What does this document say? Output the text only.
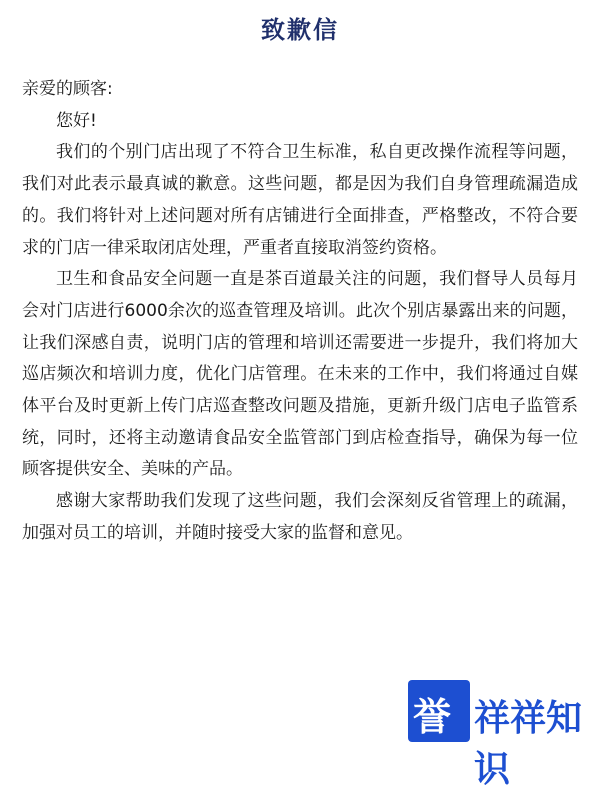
致歉信

亲爱的顾客:

您好!

我们的个别门店出现了不符合卫生标准，私自更改操作流程等问题，我们对此表示最真诚的歉意。这些问题，都是因为我们自身管理疏漏造成的。我们将针对上述问题对所有店铺进行全面排查，严格整改，不符合要求的门店一律采取闭店处理，严重者直接取消签约资格。

卫生和食品安全问题一直是茶百道最关注的问题，我们督导人员每月会对门店进行6000余次的巡查管理及培训。此次个别店暴露出来的问题，让我们深感自责，说明门店的管理和培训还需要进一步提升，我们将加大巡店频次和培训力度，优化门店管理。在未来的工作中，我们将通过自媒体平台及时更新上传门店巡查整改问题及措施，更新升级门店电子监管系统，同时，还将主动邀请食品安全监管部门到店检查指导，确保为每一位顾客提供安全、美味的产品。

感谢大家帮助我们发现了这些问题，我们会深刻反省管理上的疏漏，加强对员工的培训，并随时接受大家的监督和意见。

誉 祥祥知识
